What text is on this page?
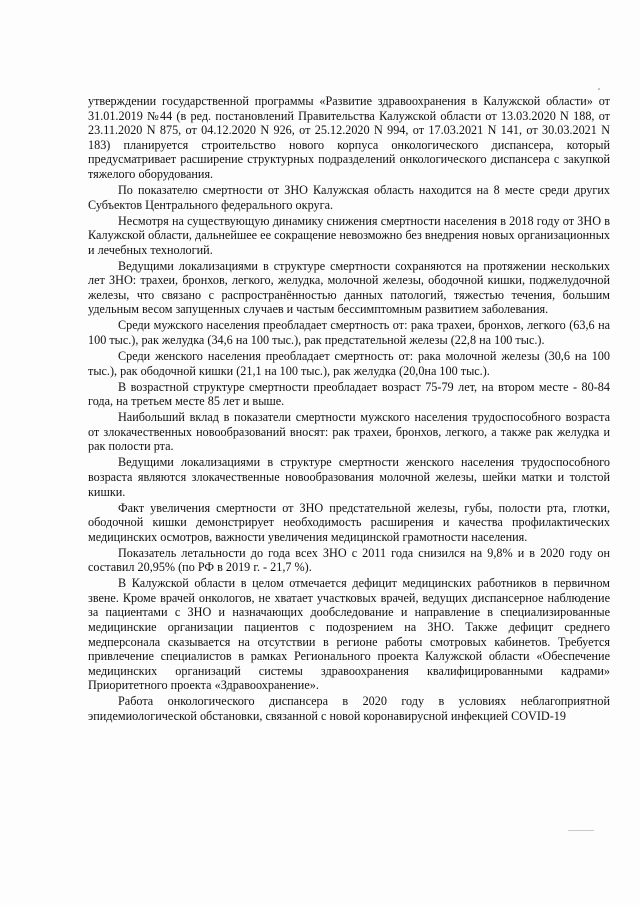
утверждении государственной программы «Развитие здравоохранения в Калужской области» от 31.01.2019 №44 (в ред. постановлений Правительства Калужской области от 13.03.2020 N 188, от 23.11.2020 N 875, от 04.12.2020 N 926, от 25.12.2020 N 994, от 17.03.2021 N 141, от 30.03.2021 N 183) планируется строительство нового корпуса онкологического диспансера, который предусматривает расширение структурных подразделений онкологического диспансера с закупкой тяжелого оборудования.

По показателю смертности от ЗНО Калужская область находится на 8 месте среди других Субъектов Центрального федерального округа.

Несмотря на существующую динамику снижения смертности населения в 2018 году от ЗНО в Калужской области, дальнейшее ее сокращение невозможно без внедрения новых организационных и лечебных технологий.

Ведущими локализациями в структуре смертности сохраняются на протяжении нескольких лет ЗНО: трахеи, бронхов, легкого, желудка, молочной железы, ободочной кишки, поджелудочной железы, что связано с распространённостью данных патологий, тяжестью течения, большим удельным весом запущенных случаев и частым бессимптомным развитием заболевания.

Среди мужского населения преобладает смертность от: рака трахеи, бронхов, легкого (63,6 на 100 тыс.), рак желудка (34,6 на 100 тыс.), рак предстательной железы (22,8 на 100 тыс.).

Среди женского населения преобладает смертность от: рака молочной железы (30,6 на 100 тыс.), рак ободочной кишки (21,1 на 100 тыс.), рак желудка (20,0на 100 тыс.).

В возрастной структуре смертности преобладает возраст 75-79 лет, на втором месте - 80-84 года, на третьем месте 85 лет и выше.

Наибольший вклад в показатели смертности мужского населения трудоспособного возраста от злокачественных новообразований вносят: рак трахеи, бронхов, легкого, а также рак желудка и рак полости рта.

Ведущими локализациями в структуре смертности женского населения трудоспособного возраста являются злокачественные новообразования молочной железы, шейки матки и толстой кишки.

Факт увеличения смертности от ЗНО предстательной железы, губы, полости рта, глотки, ободочной кишки демонстрирует необходимость расширения и качества профилактических медицинских осмотров, важности увеличения медицинской грамотности населения.

Показатель летальности до года всех ЗНО с 2011 года снизился на 9,8% и в 2020 году он составил 20,95% (по РФ в 2019 г. - 21,7 %).

В Калужской области в целом отмечается дефицит медицинских работников в первичном звене. Кроме врачей онкологов, не хватает участковых врачей, ведущих диспансерное наблюдение за пациентами с ЗНО и назначающих дообследование и направление в специализированные медицинские организации пациентов с подозрением на ЗНО. Также дефицит среднего медперсонала сказывается на отсутствии в регионе работы смотровых кабинетов. Требуется привлечение специалистов в рамках Регионального проекта Калужской области «Обеспечение медицинских организаций системы здравоохранения квалифицированными кадрами» Приоритетного проекта «Здравоохранение».

Работа онкологического диспансера в 2020 году в условиях неблагоприятной эпидемиологической обстановки, связанной с новой коронавирусной инфекцией COVID-19
